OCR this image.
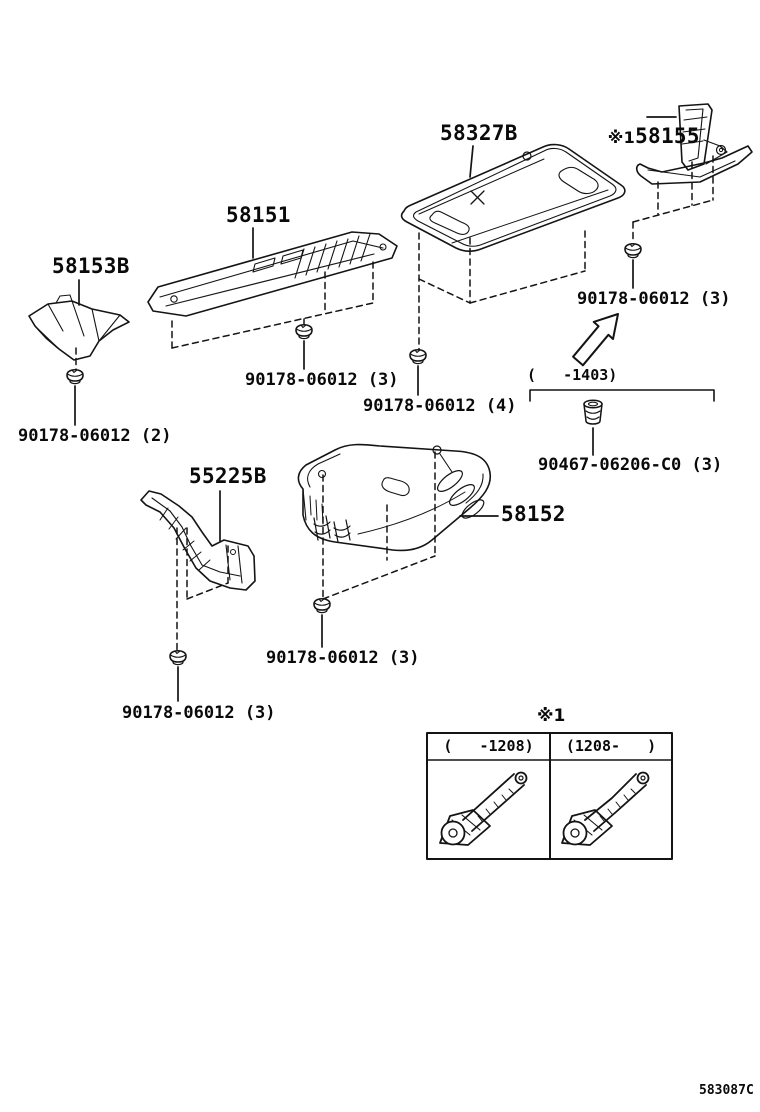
58151
58327B	※158155

58153B
55225B
58152
90178-06012 (2)
90178-06012 (3)
90178-06012 (4)
90178-06012 (3)
(   -1403)
90467-06206-C0 (3)
90178-06012 (3)
90178-06012 (3)	※1
(   -1208)	(1208-   )
583087C
